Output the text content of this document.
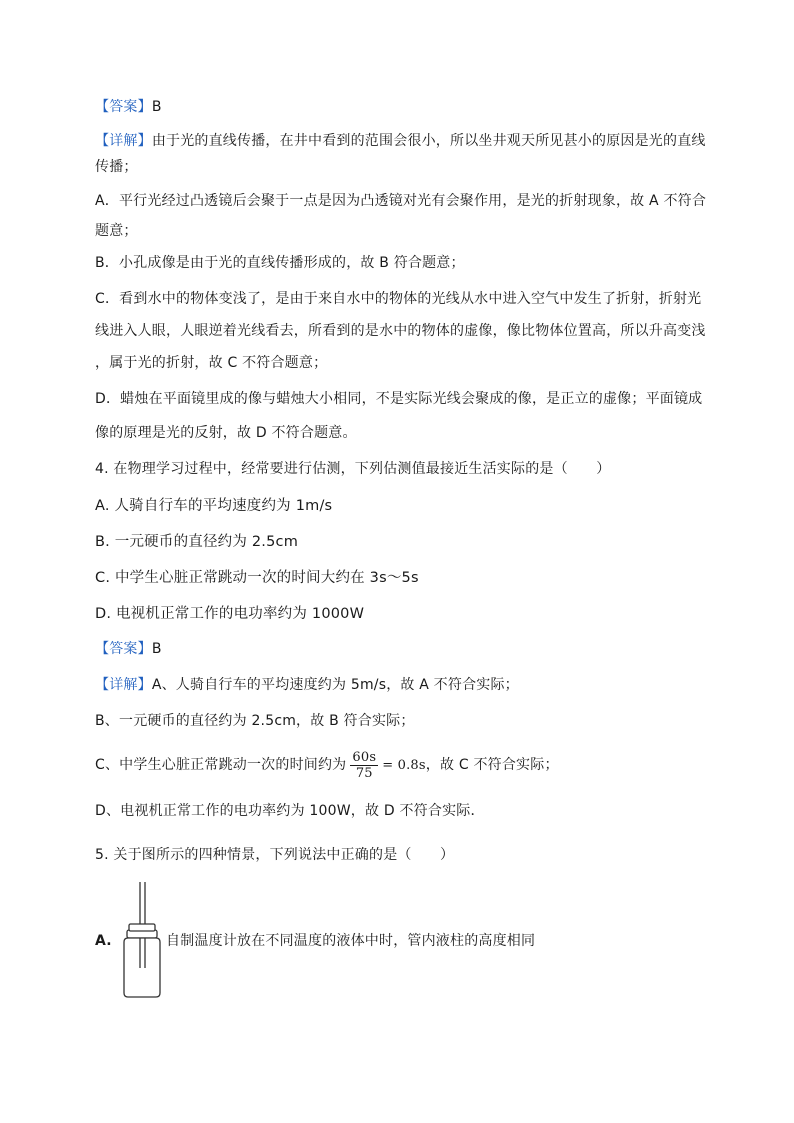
【答案】B
【详解】由于光的直线传播，在井中看到的范围会很小，所以坐井观天所见甚小的原因是光的直线
传播；
A．平行光经过凸透镜后会聚于一点是因为凸透镜对光有会聚作用，是光的折射现象，故 A 不符合
题意；
B．小孔成像是由于光的直线传播形成的，故 B 符合题意；
C．看到水中的物体变浅了，是由于来自水中的物体的光线从水中进入空气中发生了折射，折射光
线进入人眼，人眼逆着光线看去，所看到的是水中的物体的虚像，像比物体位置高，所以升高变浅
，属于光的折射，故 C 不符合题意；
D．蜡烛在平面镜里成的像与蜡烛大小相同，不是实际光线会聚成的像，是正立的虚像；平面镜成
像的原理是光的反射，故 D 不符合题意。
4. 在物理学习过程中，经常要进行估测，下列估测值最接近生活实际的是（　　）
A. 人骑自行车的平均速度约为 1m/s
B. 一元硬币的直径约为 2.5cm
C. 中学生心脏正常跳动一次的时间大约在 3s～5s
D. 电视机正常工作的电功率约为 1000W
【答案】B
【详解】A、人骑自行车的平均速度约为 5m/s，故 A 不符合实际；
B、一元硬币的直径约为 2.5cm，故 B 符合实际；
C、中学生心脏正常跳动一次的时间约为 $\frac{60s}{75} = 0.8s$，故 C 不符合实际；
D、电视机正常工作的电功率约为 100W，故 D 不符合实际．
5. 关于图所示的四种情景，下列说法中正确的是（　　）
A.	自制温度计放在不同温度的液体中时，管内液柱的高度相同
